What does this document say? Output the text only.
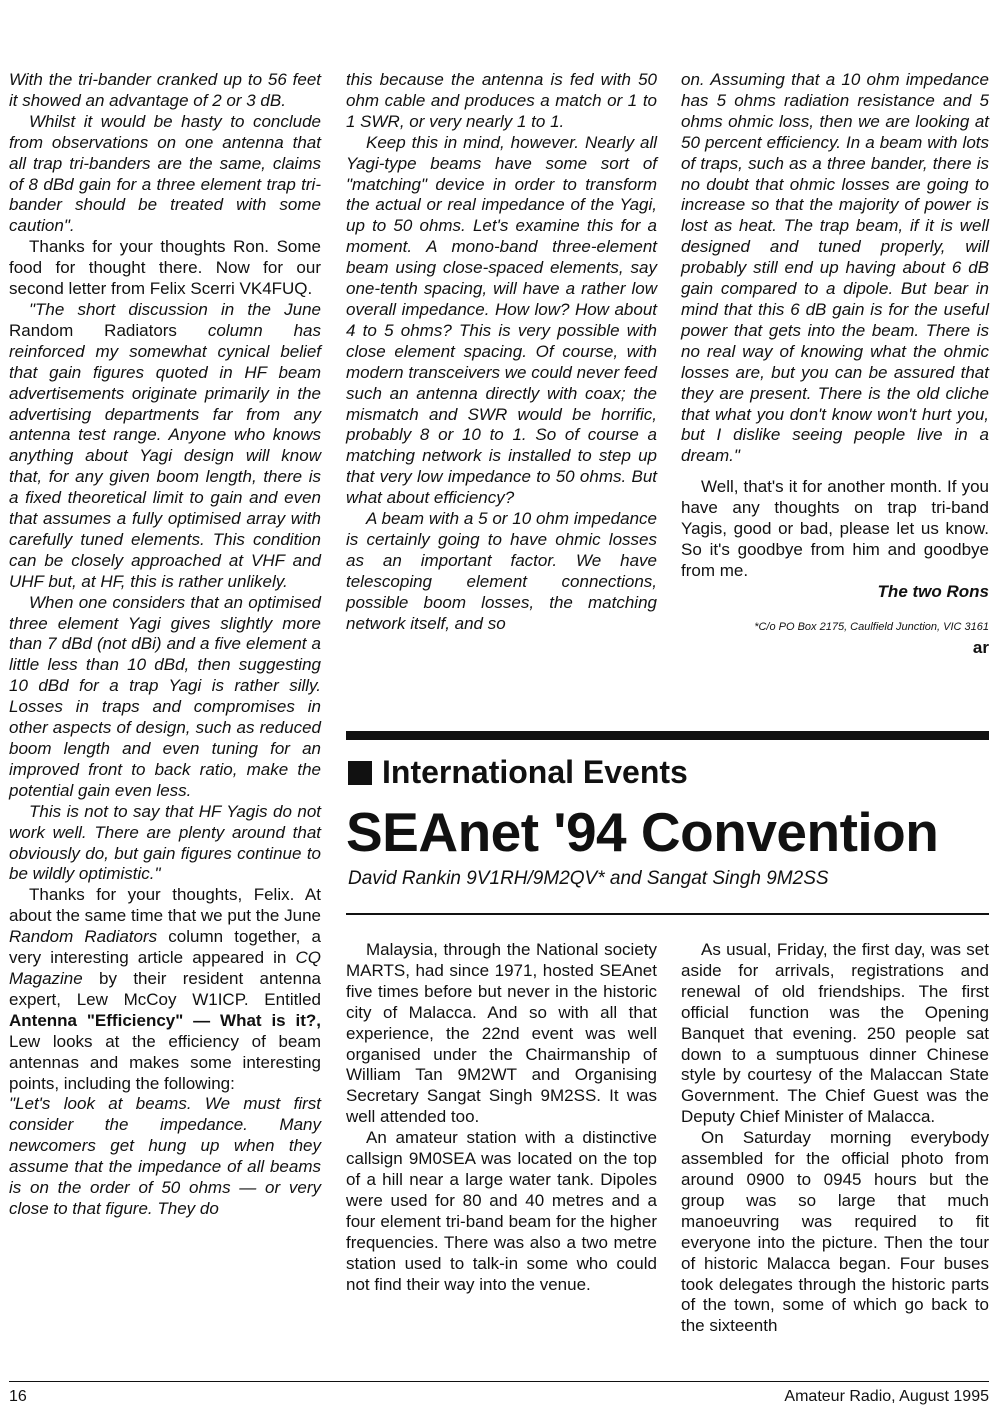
With the tri-bander cranked up to 56 feet it showed an advantage of 2 or 3 dB.

Whilst it would be hasty to conclude from observations on one antenna that all trap tri-banders are the same, claims of 8 dBd gain for a three element trap tri-bander should be treated with some caution".

Thanks for your thoughts Ron. Some food for thought there. Now for our second letter from Felix Scerri VK4FUQ.

"The short discussion in the June Random Radiators column has reinforced my somewhat cynical belief that gain figures quoted in HF beam advertisements originate primarily in the advertising departments far from any antenna test range. Anyone who knows anything about Yagi design will know that, for any given boom length, there is a fixed theoretical limit to gain and even that assumes a fully optimised array with carefully tuned elements. This condition can be closely approached at VHF and UHF but, at HF, this is rather unlikely.

When one considers that an optimised three element Yagi gives slightly more than 7 dBd (not dBi) and a five element a little less than 10 dBd, then suggesting 10 dBd for a trap Yagi is rather silly. Losses in traps and compromises in other aspects of design, such as reduced boom length and even tuning for an improved front to back ratio, make the potential gain even less.

This is not to say that HF Yagis do not work well. There are plenty around that obviously do, but gain figures continue to be wildly optimistic."

Thanks for your thoughts, Felix. At about the same time that we put the June Random Radiators column together, a very interesting article appeared in CQ Magazine by their resident antenna expert, Lew McCoy W1ICP. Entitled Antenna "Efficiency" — What is it?, Lew looks at the efficiency of beam antennas and makes some interesting points, including the following:

"Let's look at beams. We must first consider the impedance. Many newcomers get hung up when they assume that the impedance of all beams is on the order of 50 ohms — or very close to that figure. They do

this because the antenna is fed with 50 ohm cable and produces a match or 1 to 1 SWR, or very nearly 1 to 1.

Keep this in mind, however. Nearly all Yagi-type beams have some sort of "matching" device in order to transform the actual or real impedance of the Yagi, up to 50 ohms. Let's examine this for a moment. A mono-band three-element beam using close-spaced elements, say one-tenth spacing, will have a rather low overall impedance. How low? How about 4 to 5 ohms? This is very possible with close element spacing. Of course, with modern transceivers we could never feed such an antenna directly with coax; the mismatch and SWR would be horrific, probably 8 or 10 to 1. So of course a matching network is installed to step up that very low impedance to 50 ohms. But what about efficiency?

A beam with a 5 or 10 ohm impedance is certainly going to have ohmic losses as an important factor. We have telescoping element connections, possible boom losses, the matching network itself, and so

on. Assuming that a 10 ohm impedance has 5 ohms radiation resistance and 5 ohms ohmic loss, then we are looking at 50 percent efficiency. In a beam with lots of traps, such as a three bander, there is no doubt that ohmic losses are going to increase so that the majority of power is lost as heat. The trap beam, if it is well designed and tuned properly, will probably still end up having about 6 dB gain compared to a dipole. But bear in mind that this 6 dB gain is for the useful power that gets into the beam. There is no real way of knowing what the ohmic losses are, but you can be assured that they are present. There is the old cliche that what you don't know won't hurt you, but I dislike seeing people live in a dream."

Well, that's it for another month. If you have any thoughts on trap tri-band Yagis, good or bad, please let us know. So it's goodbye from him and goodbye from me.

The two Rons
*C/o PO Box 2175, Caulfield Junction, VIC 3161
ar
International Events
SEAnet '94 Convention
David Rankin 9V1RH/9M2QV* and Sangat Singh 9M2SS

Malaysia, through the National society MARTS, had since 1971, hosted SEAnet five times before but never in the historic city of Malacca. And so with all that experience, the 22nd event was well organised under the Chairmanship of William Tan 9M2WT and Organising Secretary Sangat Singh 9M2SS. It was well attended too.

An amateur station with a distinctive callsign 9M0SEA was located on the top of a hill near a large water tank. Dipoles were used for 80 and 40 metres and a four element tri-band beam for the higher frequencies. There was also a two metre station used to talk-in some who could not find their way into the venue.

As usual, Friday, the first day, was set aside for arrivals, registrations and renewal of old friendships. The first official function was the Opening Banquet that evening. 250 people sat down to a sumptuous dinner Chinese style by courtesy of the Malaccan State Government. The Chief Guest was the Deputy Chief Minister of Malacca.

On Saturday morning everybody assembled for the official photo from around 0900 to 0945 hours but the group was so large that much manoeuvring was required to fit everyone into the picture. Then the tour of historic Malacca began. Four buses took delegates through the historic parts of the town, some of which go back to the sixteenth

16	Amateur Radio, August 1995
